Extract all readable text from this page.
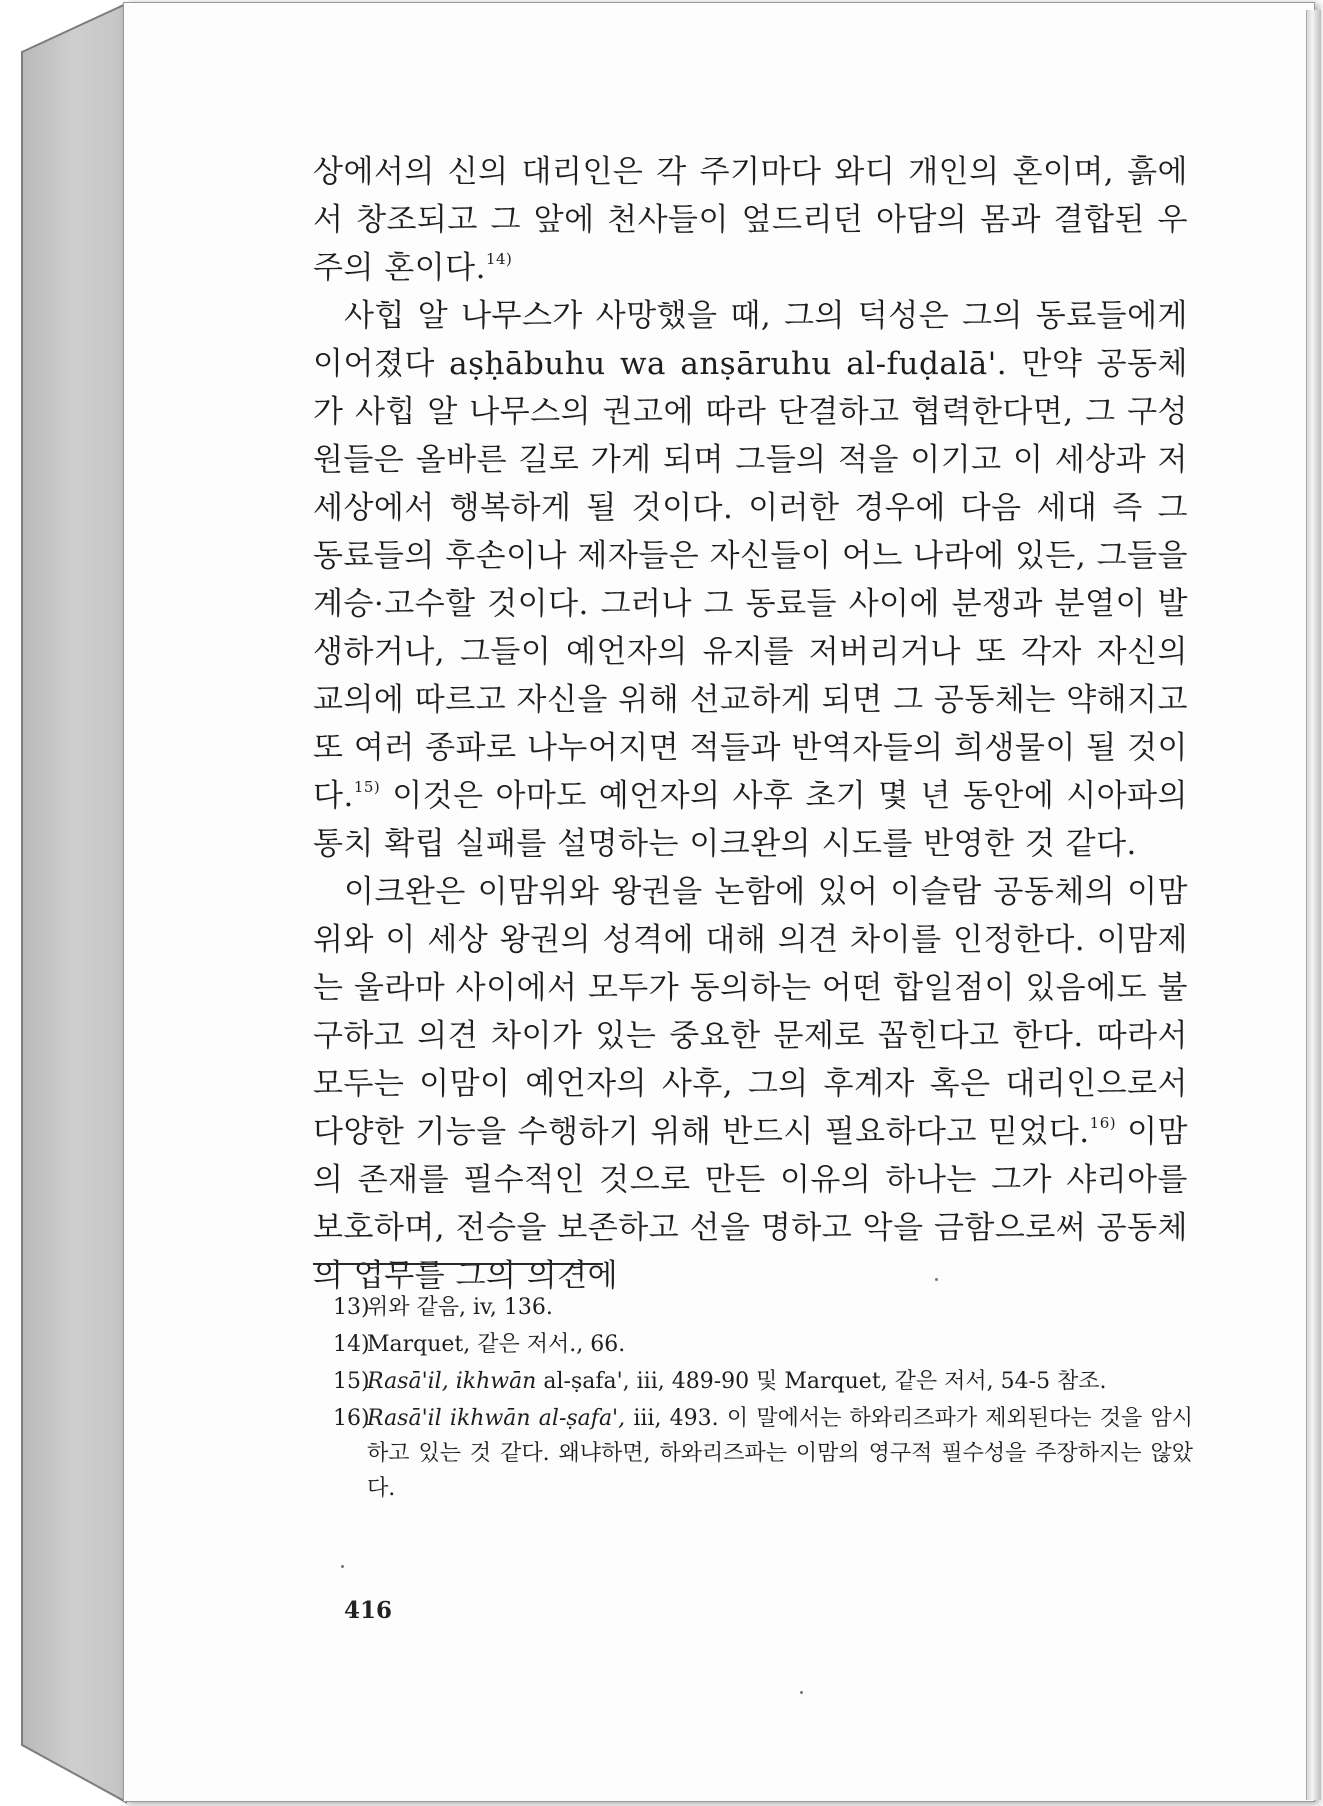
상에서의 신의 대리인은 각 주기마다 와디 개인의 혼이며, 흙에서 창조되고 그 앞에 천사들이 엎드리던 아담의 몸과 결합된 우주의 혼이다.$^{14)}$

사힙 알 나무스가 사망했을 때, 그의 덕성은 그의 동료들에게 이어졌다 aṣḥābuhu wa anṣāruhu al-fuḍalā'. 만약 공동체가 사힙 알 나무스의 권고에 따라 단결하고 협력한다면, 그 구성원들은 올바른 길로 가게 되며 그들의 적을 이기고 이 세상과 저 세상에서 행복하게 될 것이다. 이러한 경우에 다음 세대 즉 그 동료들의 후손이나 제자들은 자신들이 어느 나라에 있든, 그들을 계승·고수할 것이다. 그러나 그 동료들 사이에 분쟁과 분열이 발생하거나, 그들이 예언자의 유지를 저버리거나 또 각자 자신의 교의에 따르고 자신을 위해 선교하게 되면 그 공동체는 약해지고 또 여러 종파로 나누어지면 적들과 반역자들의 희생물이 될 것이다.$^{15)}$ 이것은 아마도 예언자의 사후 초기 몇 년 동안에 시아파의 통치 확립 실패를 설명하는 이크완의 시도를 반영한 것 같다.

이크완은 이맘위와 왕권을 논함에 있어 이슬람 공동체의 이맘위와 이 세상 왕권의 성격에 대해 의견 차이를 인정한다. 이맘제는 울라마 사이에서 모두가 동의하는 어떤 합일점이 있음에도 불구하고 의견 차이가 있는 중요한 문제로 꼽힌다고 한다. 따라서 모두는 이맘이 예언자의 사후, 그의 후계자 혹은 대리인으로서 다양한 기능을 수행하기 위해 반드시 필요하다고 믿었다.$^{16)}$ 이맘의 존재를 필수적인 것으로 만든 이유의 하나는 그가 샤리아를 보호하며, 전승을 보존하고 선을 명하고 악을 금함으로써 공동체의 업무를 그의 의견에

13)
위와 같음, iv, 136.
14)
Marquet, 같은 저서., 66.
15)
Rasā'il, ikhwān al-ṣafa', iii, 489-90 및 Marquet, 같은 저서, 54-5 참조.
16)
Rasā'il ikhwān al-ṣafa', iii, 493. 이 말에서는 하와리즈파가 제외된다는 것을 암시하고 있는 것 같다. 왜냐하면, 하와리즈파는 이맘의 영구적 필수성을 주장하지는 않았다.
416
